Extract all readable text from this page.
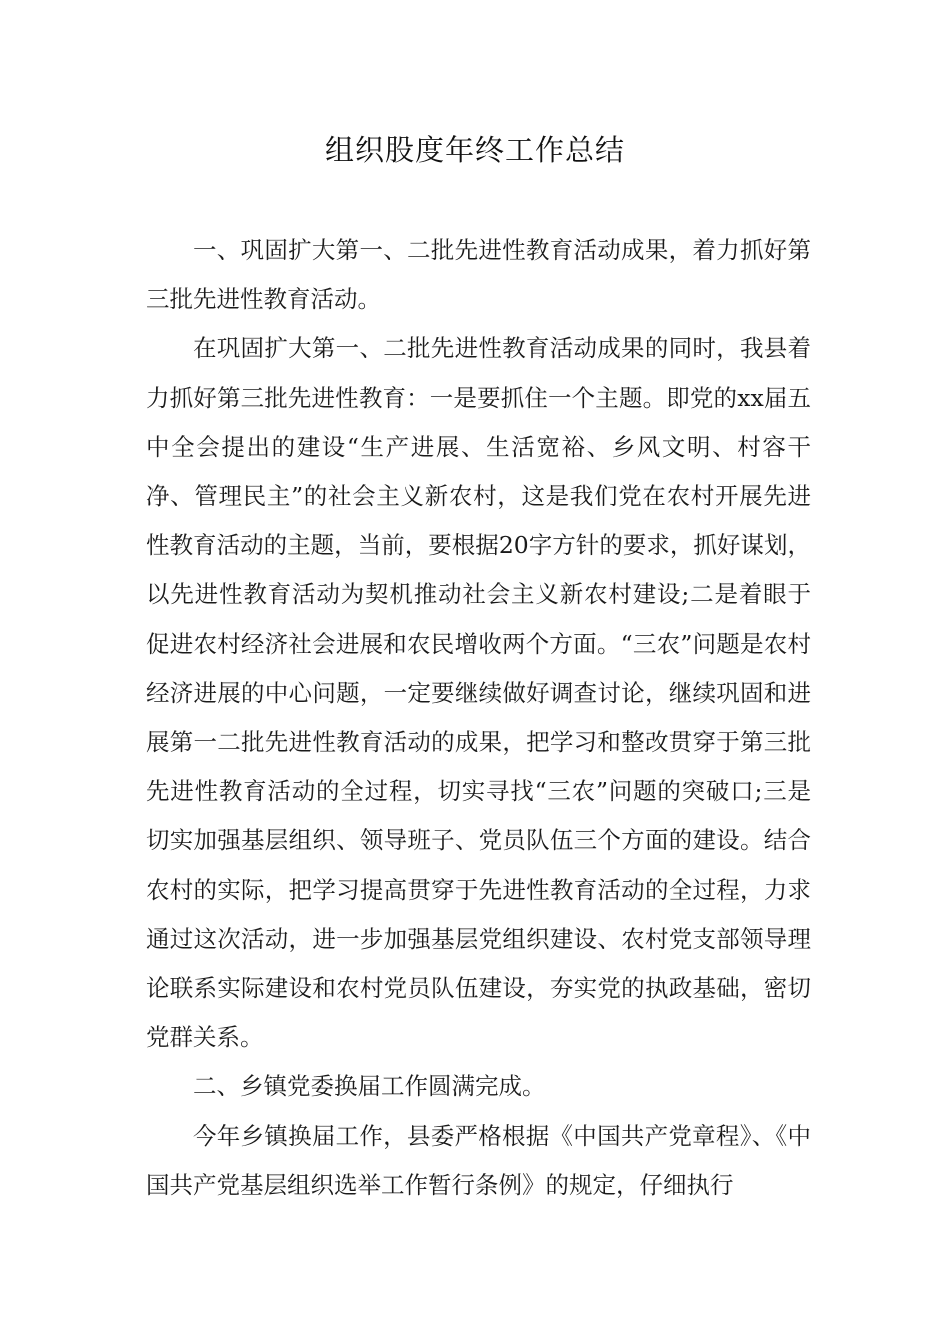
组织股度年终工作总结

一、巩固扩大第一、二批先进性教育活动成果，着力抓好第三批先进性教育活动。

在巩固扩大第一、二批先进性教育活动成果的同时，我县着力抓好第三批先进性教育：一是要抓住一个主题。即党的xx届五中全会提出的建设“生产进展、生活宽裕、乡风文明、村容干净、管理民主”的社会主义新农村，这是我们党在农村开展先进性教育活动的主题，当前，要根据20字方针的要求，抓好谋划，以先进性教育活动为契机推动社会主义新农村建设;二是着眼于促进农村经济社会进展和农民增收两个方面。“三农”问题是农村经济进展的中心问题，一定要继续做好调查讨论，继续巩固和进展第一二批先进性教育活动的成果，把学习和整改贯穿于第三批先进性教育活动的全过程，切实寻找“三农”问题的突破口;三是切实加强基层组织、领导班子、党员队伍三个方面的建设。结合农村的实际，把学习提高贯穿于先进性教育活动的全过程，力求通过这次活动，进一步加强基层党组织建设、农村党支部领导理论联系实际建设和农村党员队伍建设，夯实党的执政基础，密切党群关系。

二、乡镇党委换届工作圆满完成。

今年乡镇换届工作，县委严格根据《中国共产党章程》、《中国共产党基层组织选举工作暂行条例》的规定，仔细执行
